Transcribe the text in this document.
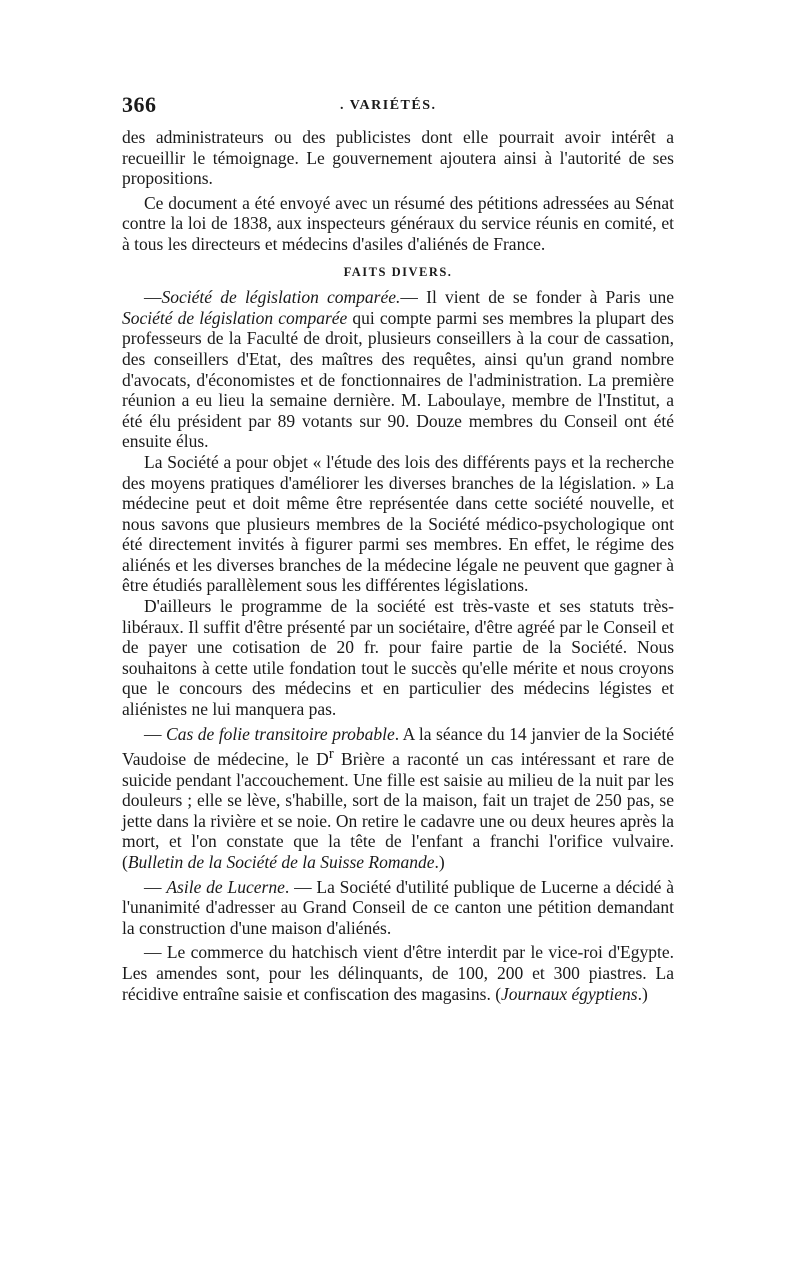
366	. VARIÉTÉS.

des administrateurs ou des publicistes dont elle pourrait avoir intérêt a recueillir le témoignage. Le gouvernement ajoutera ainsi à l'autorité de ses propositions.

Ce document a été envoyé avec un résumé des pétitions adressées au Sénat contre la loi de 1838, aux inspecteurs généraux du service réunis en comité, et à tous les directeurs et médecins d'asiles d'aliénés de France.

FAITS DIVERS.

—Société de législation comparée.— Il vient de se fonder à Paris une Société de législation comparée qui compte parmi ses membres la plupart des professeurs de la Faculté de droit, plusieurs conseillers à la cour de cassation, des conseillers d'Etat, des maîtres des requêtes, ainsi qu'un grand nombre d'avocats, d'économistes et de fonctionnaires de l'administration. La première réunion a eu lieu la semaine dernière. M. Laboulaye, membre de l'Institut, a été élu président par 89 votants sur 90. Douze membres du Conseil ont été ensuite élus.

La Société a pour objet « l'étude des lois des différents pays et la recherche des moyens pratiques d'améliorer les diverses branches de la législation. » La médecine peut et doit même être représentée dans cette société nouvelle, et nous savons que plusieurs membres de la Société médico-psychologique ont été directement invités à figurer parmi ses membres. En effet, le régime des aliénés et les diverses branches de la médecine légale ne peuvent que gagner à être étudiés parallèlement sous les différentes législations.

D'ailleurs le programme de la société est très-vaste et ses statuts très-libéraux. Il suffit d'être présenté par un sociétaire, d'être agréé par le Conseil et de payer une cotisation de 20 fr. pour faire partie de la Société. Nous souhaitons à cette utile fondation tout le succès qu'elle mérite et nous croyons que le concours des médecins et en particulier des médecins légistes et aliénistes ne lui manquera pas.

— Cas de folie transitoire probable. A la séance du 14 janvier de la Société Vaudoise de médecine, le $D^r$ Brière a raconté un cas intéressant et rare de suicide pendant l'accouchement. Une fille est saisie au milieu de la nuit par les douleurs ; elle se lève, s'habille, sort de la maison, fait un trajet de 250 pas, se jette dans la rivière et se noie. On retire le cadavre une ou deux heures après la mort, et l'on constate que la tête de l'enfant a franchi l'orifice vulvaire. (Bulletin de la Société de la Suisse Romande.)

— Asile de Lucerne. — La Société d'utilité publique de Lucerne a décidé à l'unanimité d'adresser au Grand Conseil de ce canton une pétition demandant la construction d'une maison d'aliénés.

— Le commerce du hatchisch vient d'être interdit par le vice-roi d'Egypte. Les amendes sont, pour les délinquants, de 100, 200 et 300 piastres. La récidive entraîne saisie et confiscation des magasins. (Journaux égyptiens.)
